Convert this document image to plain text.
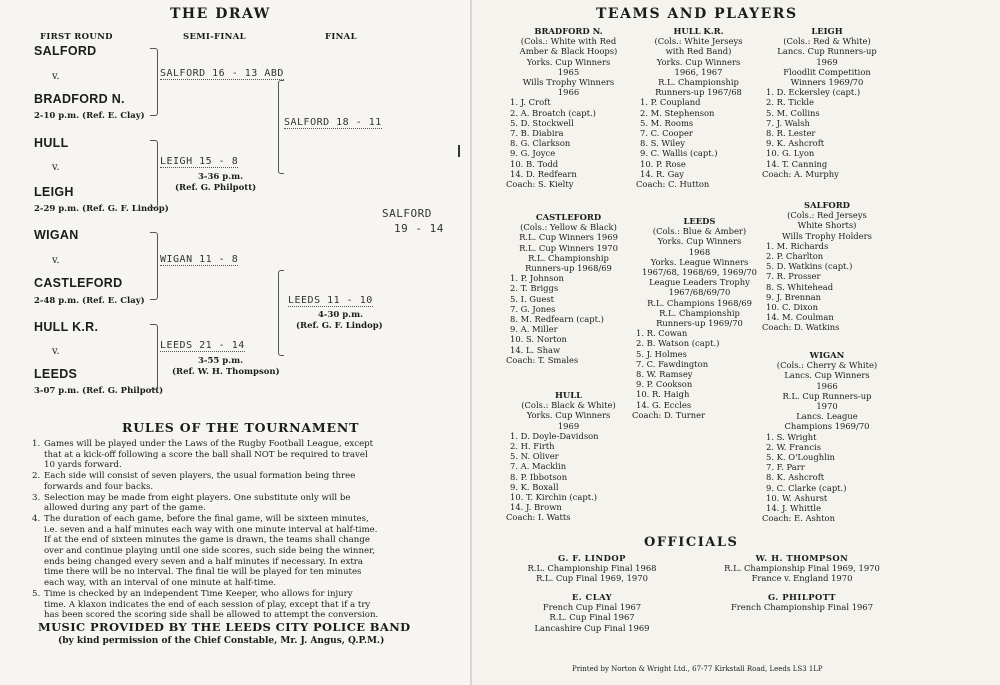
THE DRAW
FIRST ROUND	SEMI-FINAL	FINAL
SALFORD
v.
BRADFORD N.
2-10 p.m. (Ref. E. Clay)
SALFORD 16 - 13 ABD
HULL
v.
LEIGH
2-29 p.m. (Ref. G. F. Lindop)
LEIGH 15 - 8
3-36 p.m.
(Ref. G. Philpott)
SALFORD 18 - 11
SALFORD
19 - 14
WIGAN
v.
CASTLEFORD
2-48 p.m. (Ref. E. Clay)
WIGAN 11 - 8
LEEDS 11 - 10
4-30 p.m.
(Ref. G. F. Lindop)
HULL K.R.
v.
LEEDS
3-07 p.m. (Ref. G. Philpott)
LEEDS 21 - 14
3-55 p.m.
(Ref. W. H. Thompson)
RULES OF THE TOURNAMENT
1. Games will be played under the Laws of the Rugby Football League, except
that at a kick-off following a score the ball shall NOT be required to travel
10 yards forward.
2. Each side will consist of seven players, the usual formation being three
forwards and four backs.
3. Selection may be made from eight players. One substitute only will be
allowed during any part of the game.
4. The duration of each game, before the final game, will be sixteen minutes,
i.e. seven and a half minutes each way with one minute interval at half-time.
If at the end of sixteen minutes the game is drawn, the teams shall change
over and continue playing until one side scores, such side being the winner,
ends being changed every seven and a half minutes if necessary. In extra
time there will be no interval. The final tie will be played for ten minutes
each way, with an interval of one minute at half-time.
5. Time is checked by an independent Time Keeper, who allows for injury
time. A klaxon indicates the end of each session of play, except that if a try
has been scored the scoring side shall be allowed to attempt the conversion.
MUSIC PROVIDED BY THE LEEDS CITY POLICE BAND
(by kind permission of the Chief Constable, Mr. J. Angus, Q.P.M.)
TEAMS AND PLAYERS
BRADFORD N.
(Cols.: White with Red
Amber & Black Hoops)
Yorks. Cup Winners
1965
Wills Trophy Winners
1966
1. J. Croft
2. A. Broatch (capt.)
5. D. Stockwell
7. B. Diabira
8. G. Clarkson
9. G. Joyce
10. B. Todd
14. D. Redfearn
Coach: S. Kielty
HULL K.R.
(Cols.: White Jerseys
with Red Band)
Yorks. Cup Winners
1966, 1967
R.L. Championship
Runners-up 1967/68
1. P. Coupland
2. M. Stephenson
5. M. Rooms
7. C. Cooper
8. S. Wiley
9. C. Wallis (capt.)
10. P. Rose
14. R. Gay
Coach: C. Hutton
LEIGH
(Cols.: Red & White)
Lancs. Cup Runners-up
1969
Floodlit Competition
Winners 1969/70
1. D. Eckersley (capt.)
2. R. Tickle
5. M. Collins
7. J. Walsh
8. R. Lester
9. K. Ashcroft
10. G. Lyon
14. T. Canning
Coach: A. Murphy
CASTLEFORD
(Cols.: Yellow & Black)
R.L. Cup Winners 1969
R.L. Cup Winners 1970
R.L. Championship
Runners-up 1968/69
1. P. Johnson
2. T. Briggs
5. I. Guest
7. G. Jones
8. M. Redfearn (capt.)
9. A. Miller
10. S. Norton
14. L. Shaw
Coach: T. Smales
LEEDS
(Cols.: Blue & Amber)
Yorks. Cup Winners
1968
Yorks. League Winners
1967/68, 1968/69, 1969/70
League Leaders Trophy
1967/68/69/70
R.L. Champions 1968/69
R.L. Championship
Runners-up 1969/70
1. R. Cowan
2. B. Watson (capt.)
5. J. Holmes
7. C. Fawdington
8. W. Ramsey
9. P. Cookson
10. R. Haigh
14. G. Eccles
Coach: D. Turner
SALFORD
(Cols.: Red Jerseys
White Shorts)
Wills Trophy Holders
1. M. Richards
2. P. Charlton
5. D. Watkins (capt.)
7. R. Prosser
8. S. Whitehead
9. J. Brennan
10. C. Dixon
14. M. Coulman
Coach: D. Watkins
HULL
(Cols.: Black & White)
Yorks. Cup Winners
1969
1. D. Doyle-Davidson
2. H. Firth
5. N. Oliver
7. A. Macklin
8. P. Ibbotson
9. K. Boxall
10. T. Kirchin (capt.)
14. J. Brown
Coach: I. Watts
WIGAN
(Cols.: Cherry & White)
Lancs. Cup Winners
1966
R.L. Cup Runners-up
1970
Lancs. League
Champions 1969/70
1. S. Wright
2. W. Francis
5. K. O'Loughlin
7. F. Parr
8. K. Ashcroft
9. C. Clarke (capt.)
10. W. Ashurst
14. J. Whittle
Coach: E. Ashton
OFFICIALS
G. F. LINDOP
R.L. Championship Final 1968
R.L. Cup Final 1969, 1970
W. H. THOMPSON
R.L. Championship Final 1969, 1970
France v. England 1970
E. CLAY
French Cup Final 1967
R.L. Cup Final 1967
Lancashire Cup Final 1969
G. PHILPOTT
French Championship Final 1967
Printed by Norton & Wright Ltd., 67-77 Kirkstall Road, Leeds LS3 1LP
